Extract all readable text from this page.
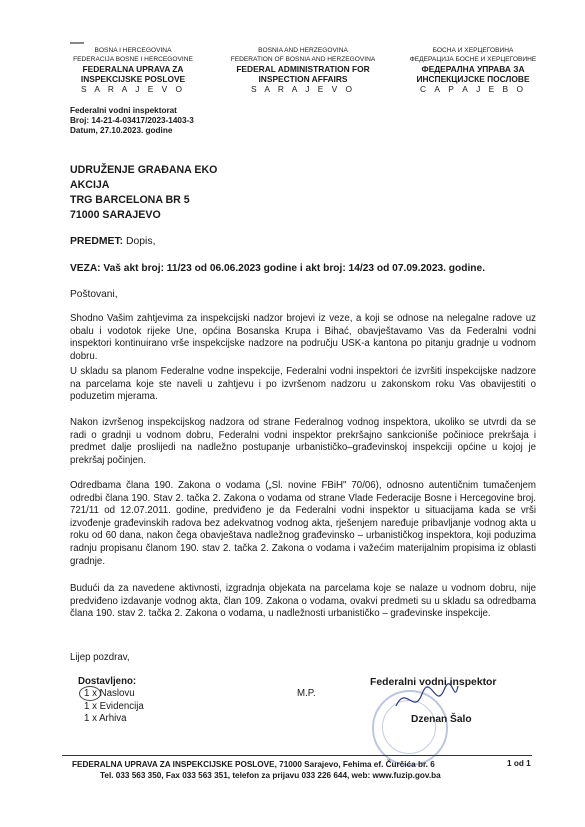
BOSNA I HERCEGOVINA
FEDERACIJA BOSNE I HERCEGOVINE
FEDERALNA UPRAVA ZA
INSPEKCIJSKE POSLOVE
S A R A J E V O
BOSNIA AND HERZEGOVINA
FEDERATION OF BOSNIA AND HERZEGOVINA
FEDERAL ADMINISTRATION FOR
INSPECTION AFFAIRS
S A R A J E V O
БОСНА И ХЕРЦЕГОВИНА
ФЕДЕРАЦИЈА БОСНЕ И ХЕРЦЕГОВИНЕ
ФЕДЕРАЛНА УПРАВА ЗА
ИНСПЕКЦИЈСКЕ ПОСЛОВЕ
С А Р А Ј Е В О
Federalni vodni inspektorat
Broj: 14-21-4-03417/2023-1403-3
Datum, 27.10.2023. godine
UDRUŽENJE GRAĐANA EKO
AKCIJA
TRG BARCELONA BR 5
71000 SARAJEVO
PREDMET: Dopis,
VEZA: Vaš akt broj: 11/23 od 06.06.2023 godine i akt broj: 14/23 od 07.09.2023. godine.
Poštovani,
Shodno Vašim zahtjevima za inspekcijski nadzor brojevi iz veze, a koji se odnose na nelegalne radove uz obalu i vodotok rijeke Une, općina Bosanska Krupa i Bihać, obavještavamo Vas da Federalni vodni inspektori kontinuirano vrše inspekcijske nadzore na području USK-a kantona po pitanju gradnje u vodnom dobru.
U skladu sa planom Federalne vodne inspekcije, Federalni vodni inspektori će izvršiti inspekcijske nadzore na parcelama koje ste naveli u zahtjevu i po izvršenom nadzoru u zakonskom roku Vas obavijestiti o poduzetim mjerama.
Nakon izvršenog inspekcijskog nadzora od strane Federalnog vodnog inspektora, ukoliko se utvrdi da se radi o gradnji u vodnom dobru, Federalni vodni inspektor prekršajno sankcioniše počinioce prekršaja i predmet dalje proslijedi na nadležno postupanje urbanističko–građevinskoj inspekciji općine u kojoj je prekršaj počinjen.
Odredbama člana 190. Zakona o vodama („Sl. novine FBiH" 70/06), odnosno autentičnim tumačenjem odredbi člana 190. Stav 2. tačka 2. Zakona o vodama od strane Vlade Federacije Bosne i Hercegovine broj. 721/11 od 12.07.2011. godine, predviđeno je da Federalni vodni inspektor u situacijama kada se vrši izvođenje građevinskih radova bez adekvatnog vodnog akta, rješenjem naređuje pribavljanje vodnog akta u roku od 60 dana, nakon čega obavještava nadležnog građevinsko – urbanističkog inspektora, koji poduzima radnju propisanu članom 190. stav 2. tačka 2. Zakona o vodama i važećim materijalnim propisima iz oblasti gradnje.
Budući da za navedene aktivnosti, izgradnja objekata na parcelama koje se nalaze u vodnom dobru, nije predviđeno izdavanje vodnog akta, član 109. Zakona o vodama, ovakvi predmeti su u skladu sa odredbama člana 190. stav 2. tačka 2. Zakona o vodama, u nadležnosti urbanističko – građevinske inspekcije.
Lijep pozdrav,
Dostavljeno:
1 x Naslovu
1 x Evidencija
1 x Arhiva
M.P.
Federalni vodni inspektor
Dzenan Šalo
FEDERALNA UPRAVA ZA INSPEKCIJSKE POSLOVE, 71000 Sarajevo, Fehima ef. Čurčića br. 6
Tel. 033 563 350, Fax 033 563 351, telefon za prijavu 033 226 644, web: www.fuzip.gov.ba
1 od 1
